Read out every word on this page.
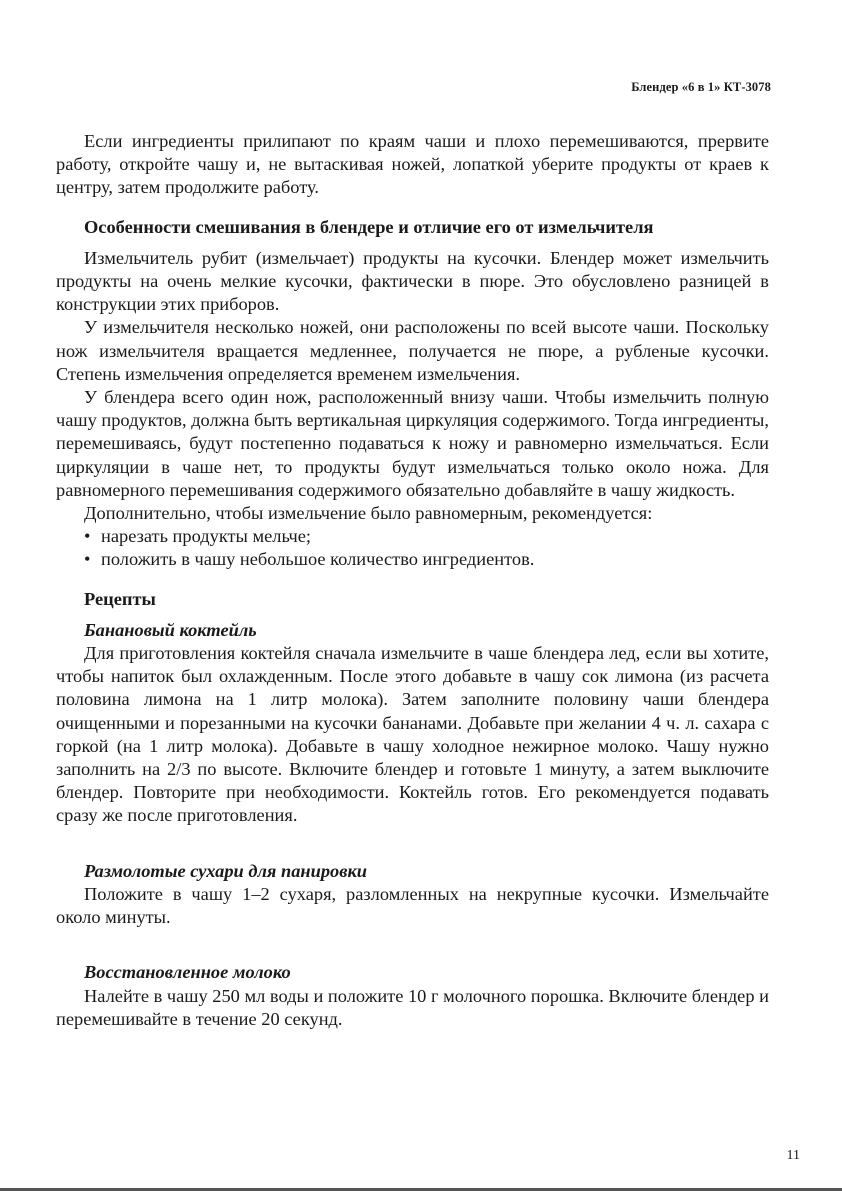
Блендер «6 в 1» КТ-3078

Если ингредиенты прилипают по краям чаши и плохо перемешиваются, прервите работу, откройте чашу и, не вытаскивая ножей, лопаткой уберите продукты от краев к центру, затем продолжите работу.

Особенности смешивания в блендере и отличие его от измельчителя

Измельчитель рубит (измельчает) продукты на кусочки. Блендер может измельчить продукты на очень мелкие кусочки, фактически в пюре. Это обусловлено разницей в конструкции этих приборов.

У измельчителя несколько ножей, они расположены по всей высоте чаши. Поскольку нож измельчителя вращается медленнее, получается не пюре, а рубленые кусочки. Степень измельчения определяется временем измельчения.

У блендера всего один нож, расположенный внизу чаши. Чтобы измельчить полную чашу продуктов, должна быть вертикальная циркуляция содержимого. Тогда ингредиенты, перемешиваясь, будут постепенно подаваться к ножу и равномерно измельчаться. Если циркуляции в чаше нет, то продукты будут измельчаться только около ножа. Для равномерного перемешивания содержимого обязательно добавляйте в чашу жидкость.

Дополнительно, чтобы измельчение было равномерным, рекомендуется:

• нарезать продукты мельче;
• положить в чашу небольшое количество ингредиентов.
Рецепты
Банановый коктейль

Для приготовления коктейля сначала измельчите в чаше блендера лед, если вы хотите, чтобы напиток был охлажденным. После этого добавьте в чашу сок лимона (из расчета половина лимона на 1 литр молока). Затем заполните половину чаши блендера очищенными и порезанными на кусочки бананами. Добавьте при желании 4 ч. л. сахара с горкой (на 1 литр молока). Добавьте в чашу холодное нежирное молоко. Чашу нужно заполнить на 2/3 по высоте. Включите блендер и готовьте 1 минуту, а затем выключите блендер. Повторите при необходимости. Коктейль готов. Его рекомендуется подавать сразу же после приготовления.

Размолотые сухари для панировки

Положите в чашу 1–2 сухаря, разломленных на некрупные кусочки. Измельчайте около минуты.

Восстановленное молоко

Налейте в чашу 250 мл воды и положите 10 г молочного порошка. Включите блендер и перемешивайте в течение 20 секунд.

11
